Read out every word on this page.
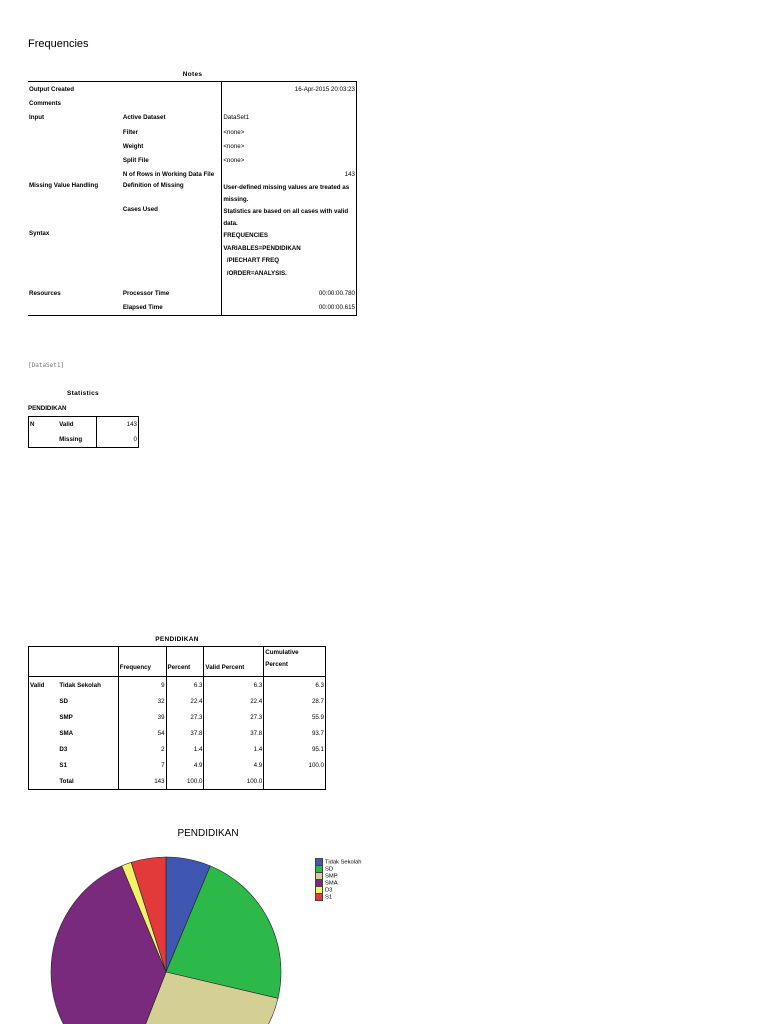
Frequencies
Notes
Output Created		16-Apr-2015 20:03:23
Comments		
Input	Active Dataset	DataSet1
	Filter	<none>
	Weight	<none>
	Split File	<none>
	N of Rows in Working Data File	143
Missing Value Handling	Definition of Missing	User-defined missing values are treated as missing.
	Cases Used	Statistics are based on all cases with valid data.
Syntax		FREQUENCIES
VARIABLES=PENDIDIKAN
/PIECHART FREQ
/ORDER=ANALYSIS.

Resources	Processor Time	00:00:00.780
	Elapsed Time	00:00:00.615
[DataSet1]
Statistics
PENDIDIKAN
N	Valid	143
	Missing	0
PENDIDIKAN
		Frequency	Percent	Valid Percent	Cumulative
Percent

Valid	Tidak Sekolah	9	6.3	6.3	6.3
	SD	32	22.4	22.4	28.7
	SMP	39	27.3	27.3	55.9
	SMA	54	37.8	37.8	93.7
	D3	2	1.4	1.4	95.1
	S1	7	4.9	4.9	100.0
	Total	143	100.0	100.0	
PENDIDIKAN
Tidak Sekolah
SD
SMP
SMA
D3
S1
